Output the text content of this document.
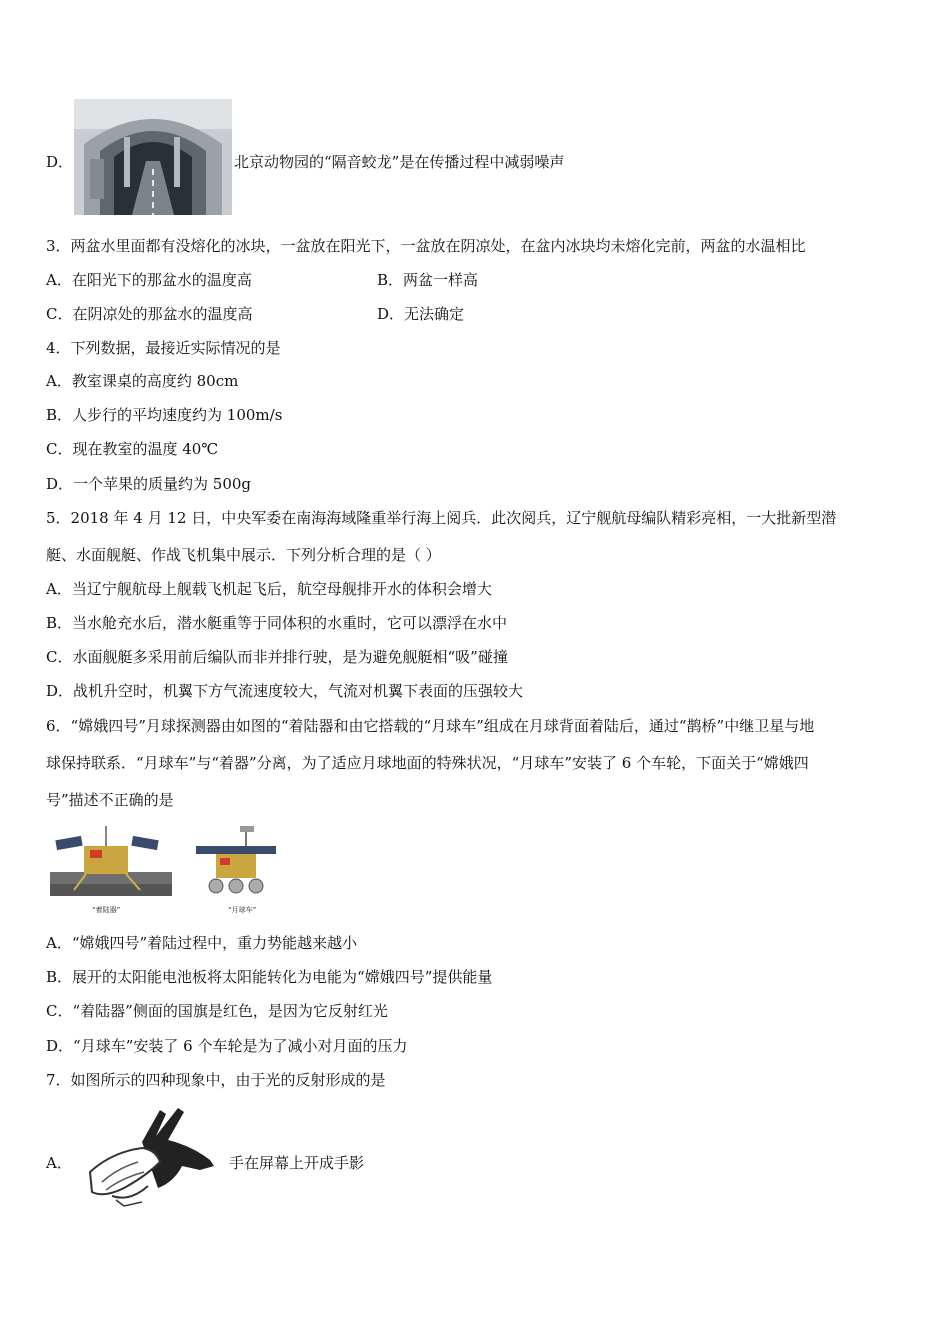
D．	北京动物园的“隔音蛟龙”是在传播过程中减弱噪声
3．两盆水里面都有没熔化的冰块，一盆放在阳光下，一盆放在阴凉处，在盆内冰块均未熔化完前，两盆的水温相比
A．在阳光下的那盆水的温度高	B．两盆一样高
C．在阴凉处的那盆水的温度高	D．无法确定
4．下列数据，最接近实际情况的是
A．教室课桌的高度约 80cm
B．人步行的平均速度约为 100m/s
C．现在教室的温度 40℃
D．一个苹果的质量约为 500g
5．2018 年 4 月 12 日，中央军委在南海海域隆重举行海上阅兵．此次阅兵，辽宁舰航母编队精彩亮相，一大批新型潜
艇、水面舰艇、作战飞机集中展示．下列分析合理的是（ ）
A．当辽宁舰航母上舰载飞机起飞后，航空母舰排开水的体积会增大
B．当水舱充水后，潜水艇重等于同体积的水重时，它可以漂浮在水中
C．水面舰艇多采用前后编队而非并排行驶，是为避免舰艇相“吸”碰撞
D．战机升空时，机翼下方气流速度较大，气流对机翼下表面的压强较大
6．“嫦娥四号”月球探测器由如图的“着陆器和由它搭载的“月球车”组成在月球背面着陆后，通过“鹊桥”中继卫星与地
球保持联系．“月球车”与“着器”分离，为了适应月球地面的特殊状况，“月球车”安装了 6 个车轮，下面关于“嫦娥四
号”描述不正确的是
“着陆器”	“月球车”
A．“嫦娥四号”着陆过程中，重力势能越来越小
B．展开的太阳能电池板将太阳能转化为电能为“嫦娥四号”提供能量
C．“着陆器”侧面的国旗是红色，是因为它反射红光
D．“月球车”安装了 6 个车轮是为了减小对月面的压力
7．如图所示的四种现象中，由于光的反射形成的是
A．	手在屏幕上开成手影
